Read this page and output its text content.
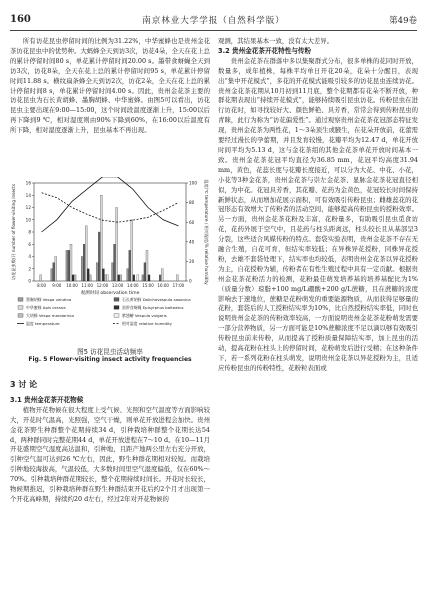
160	南京林业大学学报（自然科学版）	第49卷

所有访花昆虫停留时间的比例为31.22%，中华蜜蜂也是贵州金花茶访花昆虫中的优势种。大蚂蜂全天到访3次，访花4朵，全天在花上总的累计停留时间80 s，单花累计停留时间20.00 s。墨带食蚜蝇全天到访3次，访花8朵，全天在花上总的累计停留时间95 s，单花累计停留时间11.88 s。横纹扁条蜂全天到访2次，访花2朵，全天在花上总的累计停留时间8 s，单花累计停留时间4.00 s。因此，贵州金花茶主要的访花昆虫为石长黄胡蜂、墨胸胡蜂、中华蜜蜂。由图5可以看出，访花昆虫主要出现在9:00—15:00，这个时间段温度逐渐上升，15:00以后再下降到9 ℃，相对湿度则由90%下降到60%，在16:00以后温度有所下降，相对湿度逐渐上升，昆虫基本不再出现。

0
2
4
6
8
10
12
14
16
0
20
40
60
80
100
8:00 9:00 10:00 11:00 12:00 13:00 14:00 15:00 16:00 17:00
观测时间 observation time
访花昆虫数/只 number of flower-visiting insects	温度/℃ temperature / 相对湿度/% relative humidity
墨胸胡蜂 Vespa velutina	石长黄胡蜂 Dolichovespula saxonica
中华蜜蜂 Apis cerana	黑带食蚜蝇 Episyrphus balteatus
大胡蜂 Vespa mandarinia	紫翅蝽 Vespula vulgaris
温度 temperature	相对湿度 relative humidity
图5 访花昆虫活动频率
Fig. 5 Flower-visiting insect activity frequencies
3 讨 论
3.1 贵州金花茶开花物候

植物开花物候在很大程度上受气候、光照和空气温度等方面影响较大，开花时气温高，光照强，空气干燥，则单花开放进程会加快。贵州金花茶野生种群整个花期持续34 d，引种栽培种群整个花期长达54 d，两种群同时完整花期44 d，单花开放进程在7～10 d。在10—11月开花盛期空气湿度高达温和，引种地，且距产地两公里左右充分开放，引种空气温可达到26 ℃左右，因此，野生种群花期相对较短。而栽培引种地较海拔高，气温较低，大多数时间里空气湿度偏低，仅在60%～70%。引种栽培种群花期较长，整个花期持续时间长。开花时长较长，物候期推迟，引种栽培种群在野生种群结束开花后约2个月才出现第一个开花高峰期，持续约20 d左右，经过2年对开花物候的

观测，其结果基本一致，没有太大差异。

3.2 贵州金花茶开花特性与传粉

贵州金花茶在群落中多以集聚群式分布，很多单株的花同时开放，数量多，成年植株，每株平均单日开花20朵，花朵十分醒目，表现出“集中开花模式”，多花的开花模式能吸引较多的访花昆虫连续访花。贵州金花茶花期从10月初到11月底，整个花期都有花朵不断开放，种群花期表现出“持续开花模式”，能够持续吸引昆虫访花。传粉昆虫在进行访花时，如寻找较好大、颜色鲜艳、具芳香，常常会得到传粉昆虫的青睐，此行为称为“访花偏爱性”。通过观察贵州金花茶花冠部态特征发现，贵州金花茶为两性花，1～3朵顶生或腋生，在花朵开放前，花蕾需要经过漫长的孕蕾期，并且发育较慢，花瓣平均为12.47 d，单花开放时间平均为5.13 d，这与金花茶组的其他金花茶单花开放时间基本一致。贵州金花茶花冠平均直径为36.85 mm，花冠平均高度31.94 mm，黄色，花蕊长度与花瓣长度接近，可以分为大花、中花、小花，小花等3种金花茶，贵州金花茶与崇左金花茶、显脉金花茶花冠直径相似，为中花。花冠具芳香，其花瓣、花药为金黄色，花冠较长时间保持新鲜状态，从而增加花展示面积，可有效吸引传粉昆虫；雌雄蕊花的花冠形态有效增大了传粉者的活动空间，能够提高传粉昆虫的授粉效率。另一方面，贵州金花茶花粉及丰富，花粉量多，有助吸引昆虫觅食访花，花药外展于空气中，且花药与柱头距离远，柱头较长且从基部呈3分裂，这些适合风媒传粉的特点。套袋实验表明，贵州金花茶不存在无融合生殖，自花可育，但结实率较低；在异株异花授粉，同株异花授粉，去雄不套袋处理下，结实率也均较低，表明贵州金花茶以异花授粉为主，自花授粉为辅，传粉者在有性生殖过程中具有一定贡献。根据贵州金花茶花粉活力的检测，花粉最佳萌发培养基的培养基配比为1%（质量分数）琼脂+100 mg/L硼酸+200 g/L蔗糖，且在蔗糖的浓度影响去于速地位，蔗糖是花粉萌发的重要能源物质，从而获得足够量的花粉，套袋后的人工授粉结实率为10%，比自然授粉结实率低，同时也说明贵州金花茶的传粉效率较高，一方面说明贵州金花茶花粉萌发需要一部分营养物质，另一方面可能是10%蔗糖浓度不足以滴以够有效吸引传粉昆虫前来传粉，从而提高了授粉质量保障结实率，加上昆虫的活动，提高花粉在柱头上的停留时间，花粉萌发后进行受精；在这种条件下，若一系列花粉在柱头萌发，说明贵州金花茶以异花授粉为主，且适应传粉昆虫的传粉特性，花粉粒表面或
